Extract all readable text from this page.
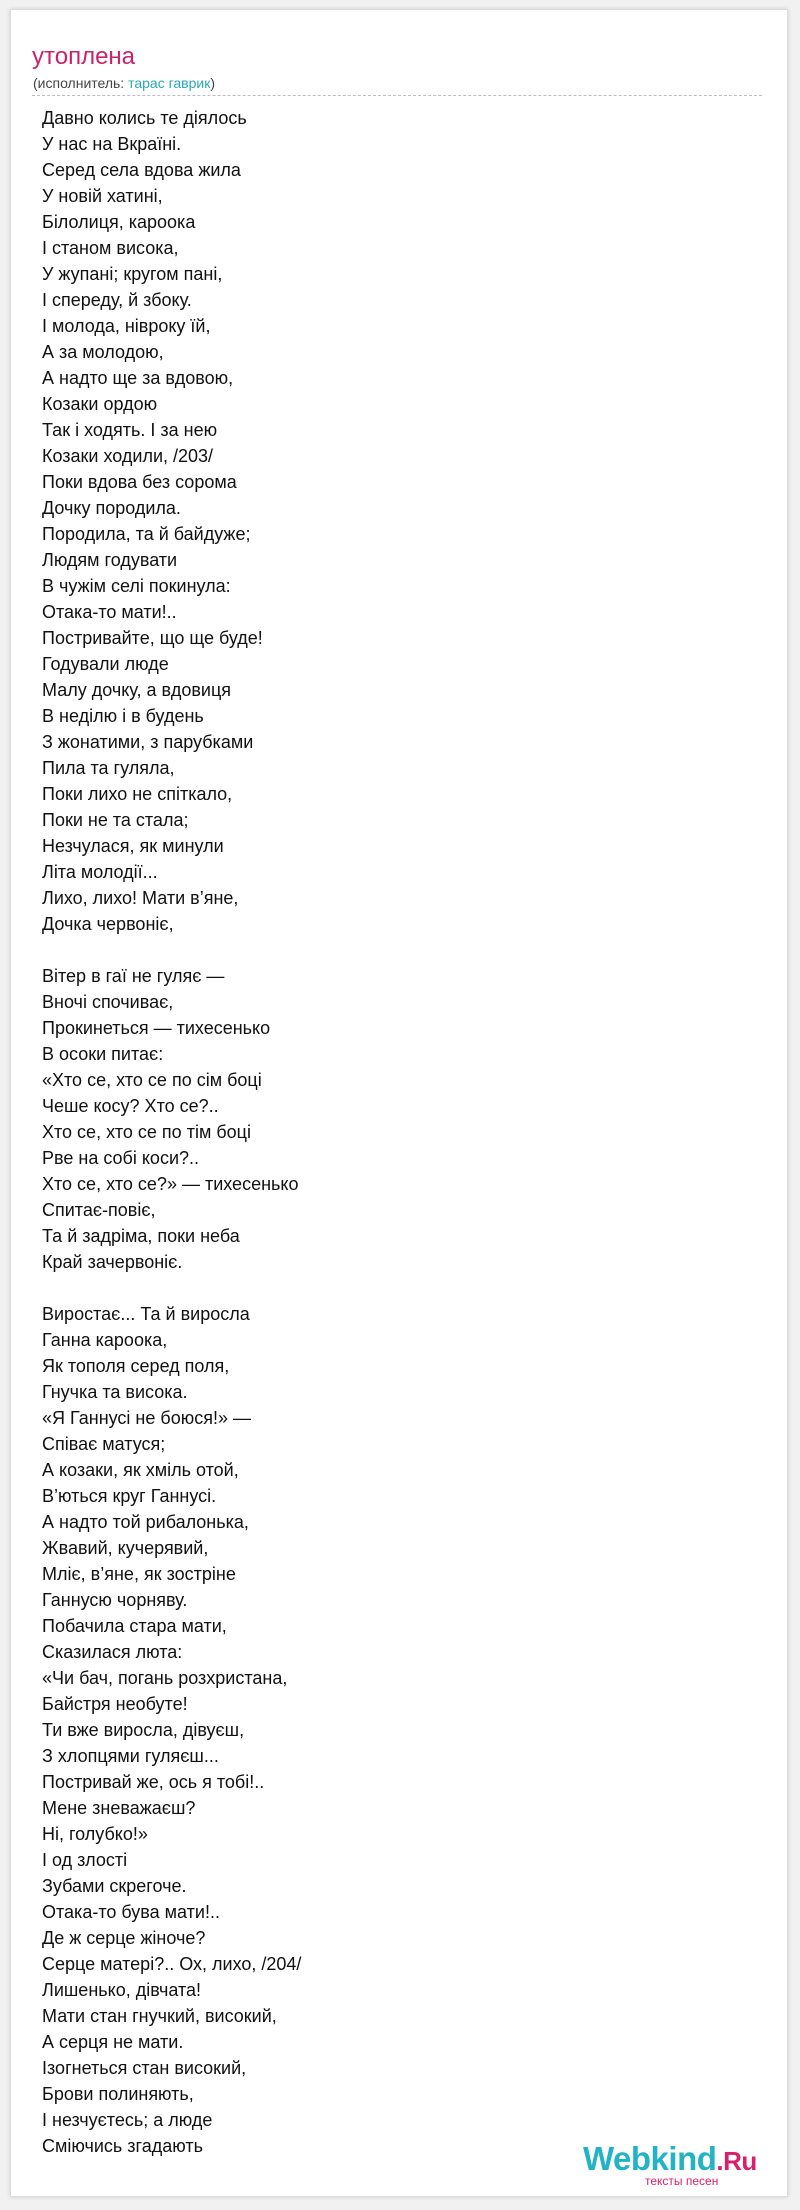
утоплена
(исполнитель: тарас гаврик)
Давно колись те діялось
У нас на Вкраїні.
Серед села вдова жила
У новій хатині,
Білолиця, кароока
І станом висока,
У жупані; кругом пані,
І спереду, й збоку.
І молода, нівроку їй,
А за молодою,
А надто ще за вдовою,
Козаки ордою
Так і ходять. І за нею
Козаки ходили, /203/
Поки вдова без сорома
Дочку породила.
Породила, та й байдуже;
Людям годувати
В чужім селі покинула:
Отака-то мати!..
Постривайте, що ще буде!
Годували люде
Малу дочку, а вдовиця
В неділю і в будень
З жонатими, з парубками
Пила та гуляла,
Поки лихо не спіткало,
Поки не та стала;
Незчулася, як минули
Літа молодії...
Лихо, лихо! Мати в’яне,
Дочка червоніє,
Вітер в гаї не гуляє —
Вночі спочиває,
Прокинеться — тихесенько
В осоки питає:
«Хто се, хто се по сім боці
Чеше косу? Хто се?..
Хто се, хто се по тім боці
Рве на собі коси?..
Хто се, хто се?» — тихесенько
Спитає-повіє,
Та й задріма, поки неба
Край зачервоніє.
Виростає... Та й виросла
Ганна кароока,
Як тополя серед поля,
Гнучка та висока.
«Я Ганнусі не боюся!» —
Співає матуся;
А козаки, як хміль отой,
В’ються круг Ганнусі.
А надто той рибалонька,
Жвавий, кучерявий,
Мліє, в’яне, як зостріне
Ганнусю чорняву.
Побачила стара мати,
Сказилася люта:
«Чи бач, погань розхристана,
Байстря необуте!
Ти вже виросла, дівуєш,
З хлопцями гуляєш...
Постривай же, ось я тобі!..
Мене зневажаєш?
Ні, голубко!»
І од злості
Зубами скрегоче.
Отака-то бува мати!..
Де ж серце жіноче?
Серце матері?.. Ох, лихо, /204/
Лишенько, дівчата!
Мати стан гнучкий, високий,
А серця не мати.
Ізогнеться стан високий,
Брови полиняють,
І незчуєтесь; а люде
Сміючись згадають	Webkind.Ru
тексты песен
